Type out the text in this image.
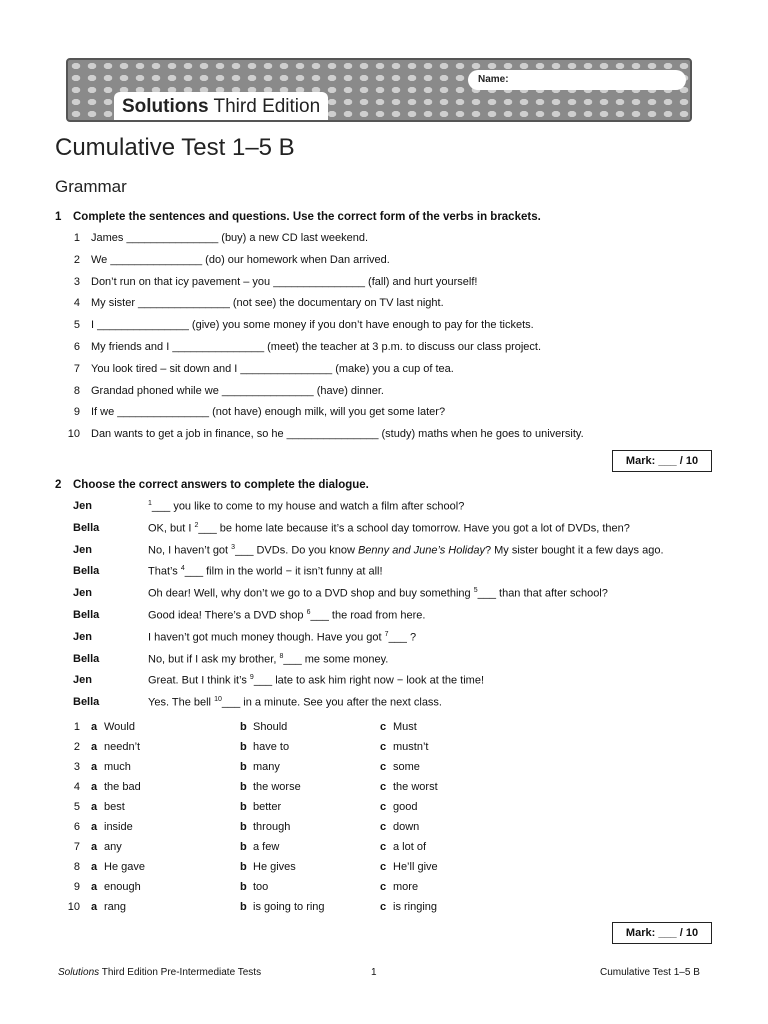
Name:
Solutions Third Edition
Cumulative Test 1–5 B
Grammar
1 Complete the sentences and questions. Use the correct form of the verbs in brackets.
1 James _______________ (buy) a new CD last weekend.
2 We _______________ (do) our homework when Dan arrived.
3 Don’t run on that icy pavement – you _______________ (fall) and hurt yourself!
4 My sister _______________ (not see) the documentary on TV last night.
5 I _______________ (give) you some money if you don’t have enough to pay for the tickets.
6 My friends and I _______________ (meet) the teacher at 3 p.m. to discuss our class project.
7 You look tired – sit down and I _______________ (make) you a cup of tea.
8 Grandad phoned while we _______________ (have) dinner.
9 If we _______________ (not have) enough milk, will you get some later?
10 Dan wants to get a job in finance, so he _______________ (study) maths when he goes to university.
Mark: ___ / 10
2 Choose the correct answers to complete the dialogue.
Jen	$^1$___ you like to come to my house and watch a film after school?
Bella	OK, but I $^2$___ be home late because it’s a school day tomorrow. Have you got a lot of DVDs, then?
Jen	No, I haven’t got $^3$___ DVDs. Do you know Benny and June’s Holiday? My sister bought it a few days ago.
Bella	That’s $^4$___ film in the world − it isn’t funny at all!
Jen	Oh dear! Well, why don’t we go to a DVD shop and buy something $^5$___ than that after school?
Bella	Good idea! There’s a DVD shop $^6$___ the road from here.
Jen	I haven’t got much money though. Have you got $^7$___ ?
Bella	No, but if I ask my brother, $^8$___ me some money.
Jen	Great. But I think it’s $^9$___ late to ask him right now − look at the time!
Bella	Yes. The bell $^{10}$___ in a minute. See you after the next class.
1 a Would	b Should	c Must
2 a needn’t	b have to	c mustn’t
3 a much	b many	c some
4 a the bad	b the worse	c the worst
5 a best	b better	c good
6 a inside	b through	c down
7 a any	b a few	c a lot of
8 a He gave	b He gives	c He’ll give
9 a enough	b too	c more
10 a rang	b is going to ring	c is ringing
Mark: ___ / 10
Solutions Third Edition Pre-Intermediate Tests	1	Cumulative Test 1–5 B
